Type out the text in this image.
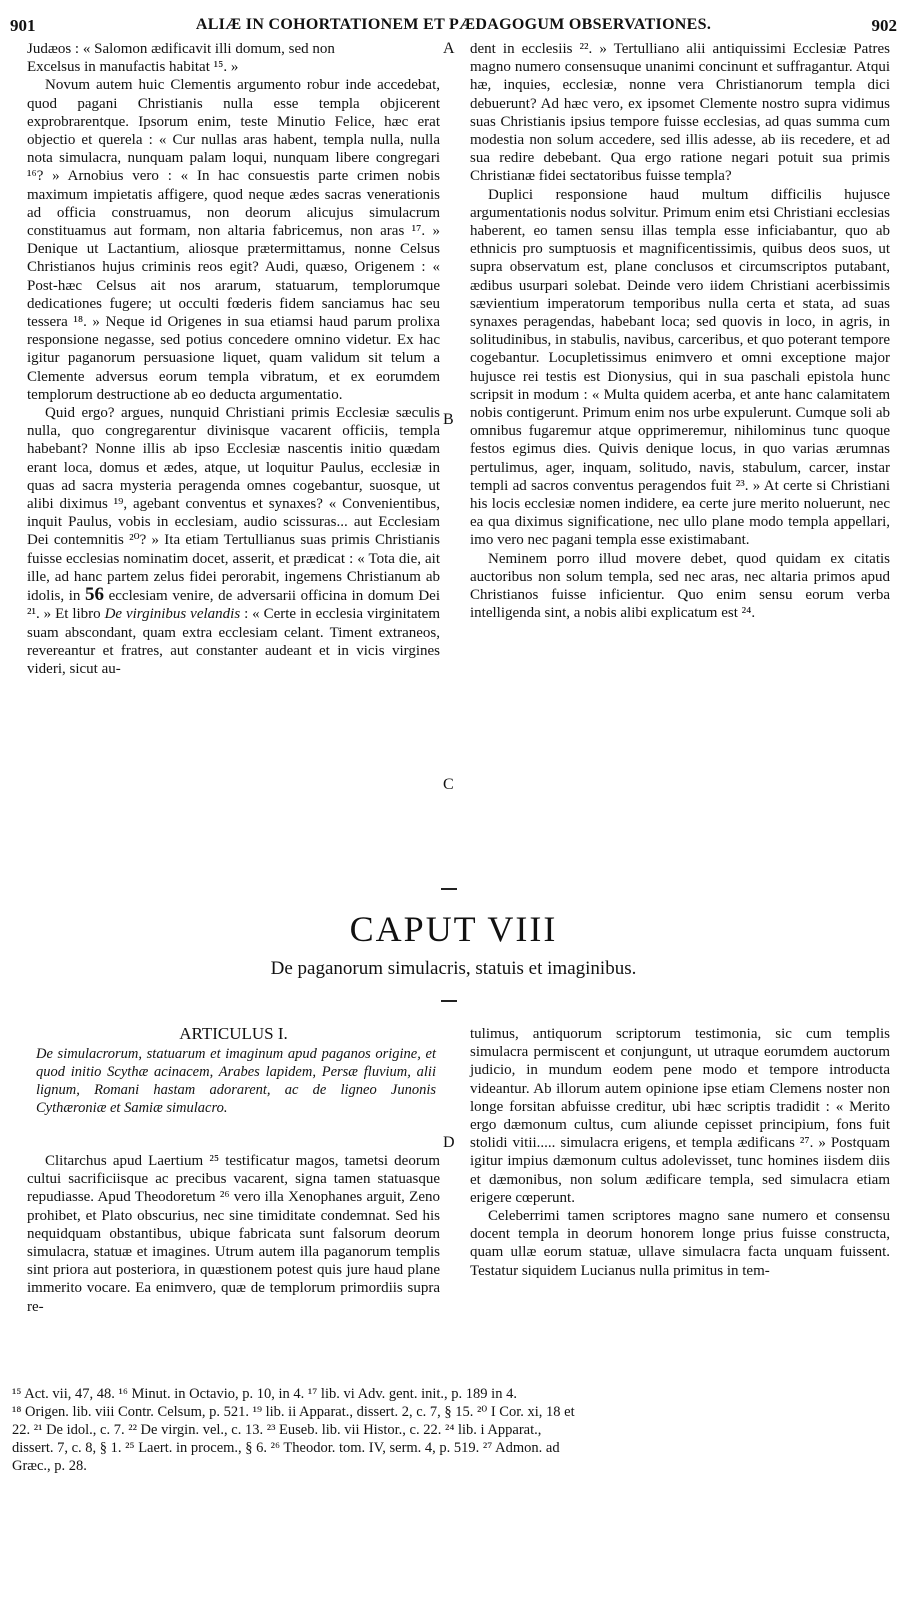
901	ALIÆ IN COHORTATIONEM ET PÆDAGOGUM OBSERVATIONES.	902
A
B
C
D

Judæos : « Salomon ædificavit illi domum, sed non

Excelsus in manufactis habitat ¹⁵. »

Novum autem huic Clementis argumento robur inde accedebat, quod pagani Christianis nulla esse templa objicerent exprobrarentque. Ipsorum enim, teste Minutio Felice, hæc erat objectio et querela : « Cur nullas aras habent, templa nulla, nulla nota simulacra, nunquam palam loqui, nunquam libere congregari ¹⁶? » Arnobius vero : « In hac consuestis parte crimen nobis maximum impietatis affigere, quod neque ædes sacras venerationis ad officia construamus, non deorum alicujus simulacrum constituamus aut formam, non altaria fabricemus, non aras ¹⁷. » Denique ut Lactantium, aliosque prætermittamus, nonne Celsus Christianos hujus criminis reos egit? Audi, quæso, Origenem : « Post-hæc Celsus ait nos ararum, statuarum, templorumque dedicationes fugere; ut occulti fœderis fidem sanciamus hac seu tessera ¹⁸. » Neque id Origenes in sua etiamsi haud parum prolixa responsione negasse, sed potius concedere omnino videtur. Ex hac igitur paganorum persuasione liquet, quam validum sit telum a Clemente adversus eorum templa vibratum, et ex eorumdem templorum destructione ab eo deducta argumentatio.

Quid ergo? argues, nunquid Christiani primis Ecclesiæ sæculis nulla, quo congregarentur divinisque vacarent officiis, templa habebant? Nonne illis ab ipso Ecclesiæ nascentis initio quædam erant loca, domus et ædes, atque, ut loquitur Paulus, ecclesiæ in quas ad sacra mysteria peragenda omnes cogebantur, suosque, ut alibi diximus ¹⁹, agebant conventus et synaxes? « Convenientibus, inquit Paulus, vobis in ecclesiam, audio scissuras... aut Ecclesiam Dei contemnitis ²⁰? » Ita etiam Tertullianus suas primis Christianis fuisse ecclesias nominatim docet, asserit, et prædicat : « Tota die, ait ille, ad hanc partem zelus fidei perorabit, ingemens Christianum ab idolis, in 56 ecclesiam venire, de adversarii officina in domum Dei ²¹. » Et libro De virginibus velandis : « Certe in ecclesia virginitatem suam abscondant, quam extra ecclesiam celant. Timent extraneos, revereantur et fratres, aut constanter audeant et in vicis virgines videri, sicut au-

dent in ecclesiis ²². » Tertulliano alii antiquissimi Ecclesiæ Patres magno numero consensuque unanimi concinunt et suffragantur. Atqui hæ, inquies, ecclesiæ, nonne vera Christianorum templa dici debuerunt? Ad hæc vero, ex ipsomet Clemente nostro supra vidimus suas Christianis ipsius tempore fuisse ecclesias, ad quas summa cum modestia non solum accedere, sed illis adesse, ab iis recedere, et ad sua redire debebant. Qua ergo ratione negari potuit sua primis Christianæ fidei sectatoribus fuisse templa?

Duplici responsione haud multum difficilis hujusce argumentationis nodus solvitur. Primum enim etsi Christiani ecclesias haberent, eo tamen sensu illas templa esse inficiabantur, quo ab ethnicis pro sumptuosis et magnificentissimis, quibus deos suos, ut supra observatum est, plane conclusos et circumscriptos putabant, ædibus usurpari solebat. Deinde vero iidem Christiani acerbissimis sævientium imperatorum temporibus nulla certa et stata, ad suas synaxes peragendas, habebant loca; sed quovis in loco, in agris, in solitudinibus, in stabulis, navibus, carceribus, et quo poterant tempore cogebantur. Locupletissimus enimvero et omni exceptione major hujusce rei testis est Dionysius, qui in sua paschali epistola hunc scripsit in modum : « Multa quidem acerba, et ante hanc calamitatem nobis contigerunt. Primum enim nos urbe expulerunt. Cumque soli ab omnibus fugaremur atque opprimeremur, nihilominus tunc quoque festos egimus dies. Quivis denique locus, in quo varias ærumnas pertulimus, ager, inquam, solitudo, navis, stabulum, carcer, instar templi ad sacros conventus peragendos fuit ²³. » At certe si Christiani his locis ecclesiæ nomen indidere, ea certe jure merito noluerunt, nec ea qua diximus significatione, nec ullo plane modo templa appellari, imo vero nec pagani templa esse existimabant.

Neminem porro illud movere debet, quod quidam ex citatis auctoribus non solum templa, sed nec aras, nec altaria primos apud Christianos fuisse inficientur. Quo enim sensu eorum verba intelligenda sint, a nobis alibi explicatum est ²⁴.

CAPUT VIII
De paganorum simulacris, statuis et imaginibus.
ARTICULUS I.
De simulacrorum, statuarum et imaginum apud paganos origine, et quod initio Scythæ acinacem, Arabes lapidem, Persæ fluvium, alii lignum, Romani hastam adorarent, ac de ligneo Junonis Cythæroniæ et Samiæ simulacro.

Clitarchus apud Laertium ²⁵ testificatur magos, tametsi deorum cultui sacrificiisque ac precibus vacarent, signa tamen statuasque repudiasse. Apud Theodoretum ²⁶ vero illa Xenophanes arguit, Zeno prohibet, et Plato obscurius, nec sine timiditate condemnat. Sed his nequidquam obstantibus, ubique fabricata sunt falsorum deorum simulacra, statuæ et imagines. Utrum autem illa paganorum templis sint priora aut posteriora, in quæstionem potest quis jure haud plane immerito vocare. Ea enimvero, quæ de templorum primordiis supra re-

tulimus, antiquorum scriptorum testimonia, sic cum templis simulacra permiscent et conjungunt, ut utraque eorumdem auctorum judicio, in mundum eodem pene modo et tempore introducta videantur. Ab illorum autem opinione ipse etiam Clemens noster non longe forsitan abfuisse creditur, ubi hæc scriptis tradidit : « Merito ergo dæmonum cultus, cum aliunde cepisset principium, fons fuit stolidi vitii..... simulacra erigens, et templa ædificans ²⁷. » Postquam igitur impius dæmonum cultus adolevisset, tunc homines iisdem diis et dæmonibus, non solum ædificare templa, sed simulacra etiam erigere cœperunt.

Celeberrimi tamen scriptores magno sane numero et consensu docent templa in deorum honorem longe prius fuisse constructa, quam ullæ eorum statuæ, ullave simulacra facta unquam fuissent. Testatur siquidem Lucianus nulla primitus in tem-

¹⁵ Act. vii, 47, 48. ¹⁶ Minut. in Octavio, p. 10, in 4. ¹⁷ lib. vi Adv. gent. init., p. 189 in 4.
¹⁸ Origen. lib. viii Contr. Celsum, p. 521. ¹⁹ lib. ii Apparat., dissert. 2, c. 7, § 15. ²⁰ I Cor. xi, 18 et
22. ²¹ De idol., c. 7. ²² De virgin. vel., c. 13. ²³ Euseb. lib. vii Histor., c. 22. ²⁴ lib. i Apparat.,
dissert. 7, c. 8, § 1. ²⁵ Laert. in procem., § 6. ²⁶ Theodor. tom. IV, serm. 4, p. 519. ²⁷ Admon. ad
Græc., p. 28.
